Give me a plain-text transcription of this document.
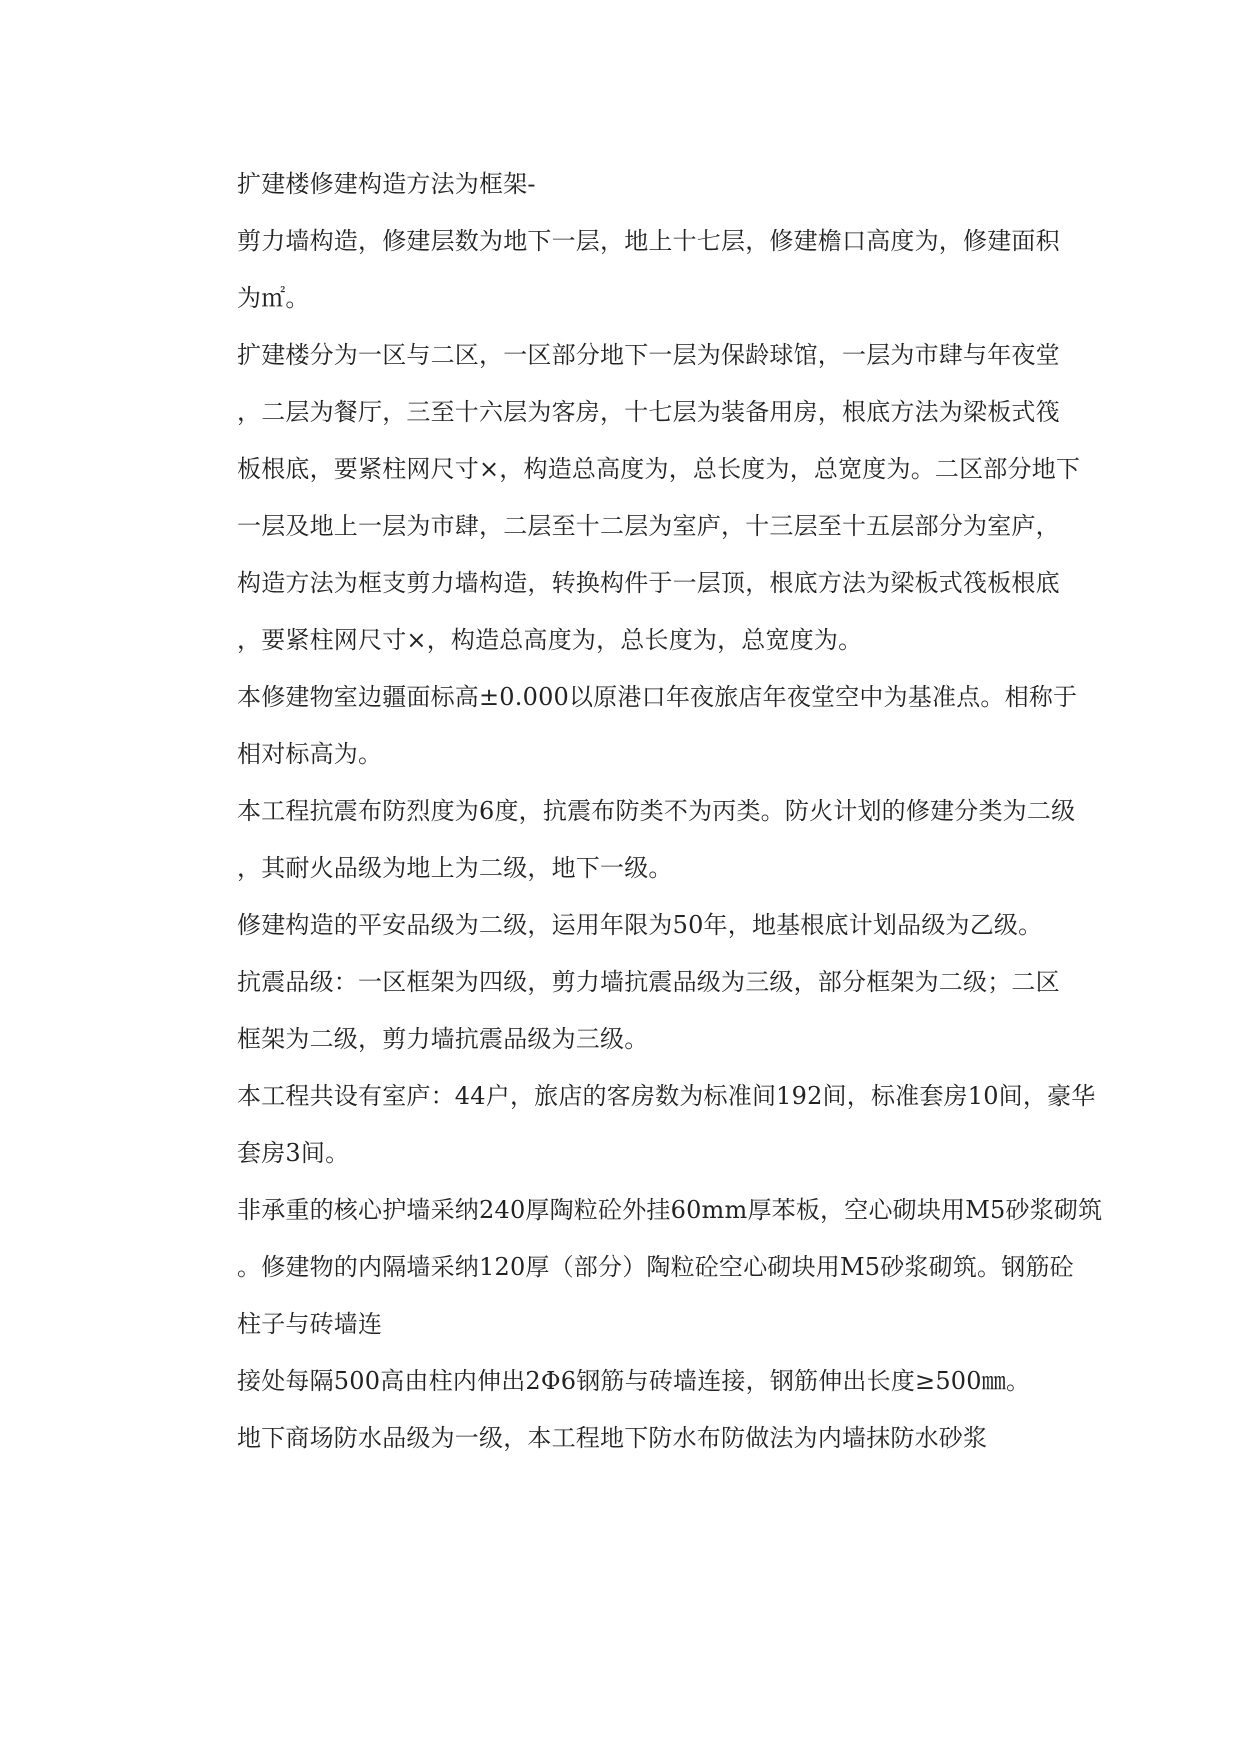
扩建楼修建构造方法为框架-
剪力墙构造，修建层数为地下一层，地上十七层，修建檐口高度为，修建面积
为㎡。
扩建楼分为一区与二区，一区部分地下一层为保龄球馆，一层为市肆与年夜堂
，二层为餐厅，三至十六层为客房，十七层为装备用房，根底方法为梁板式筏
板根底，要紧柱网尺寸×，构造总高度为，总长度为，总宽度为。二区部分地下
一层及地上一层为市肆，二层至十二层为室庐，十三层至十五层部分为室庐，
构造方法为框支剪力墙构造，转换构件于一层顶，根底方法为梁板式筏板根底
，要紧柱网尺寸×，构造总高度为，总长度为，总宽度为。
本修建物室边疆面标高±0.000以原港口年夜旅店年夜堂空中为基准点。相称于
相对标高为。
本工程抗震布防烈度为6度，抗震布防类不为丙类。防火计划的修建分类为二级
，其耐火品级为地上为二级，地下一级。
修建构造的平安品级为二级，运用年限为50年，地基根底计划品级为乙级。
抗震品级：一区框架为四级，剪力墙抗震品级为三级，部分框架为二级；二区
框架为二级，剪力墙抗震品级为三级。
本工程共设有室庐：44户，旅店的客房数为标准间192间，标准套房10间，豪华
套房3间。
非承重的核心护墙采纳240厚陶粒砼外挂60mm厚苯板，空心砌块用M5砂浆砌筑
。修建物的内隔墙采纳120厚（部分）陶粒砼空心砌块用M5砂浆砌筑。钢筋砼
柱子与砖墙连
接处每隔500高由柱内伸出2Φ6钢筋与砖墙连接，钢筋伸出长度≥500㎜。
地下商场防水品级为一级，本工程地下防水布防做法为内墙抹防水砂浆
